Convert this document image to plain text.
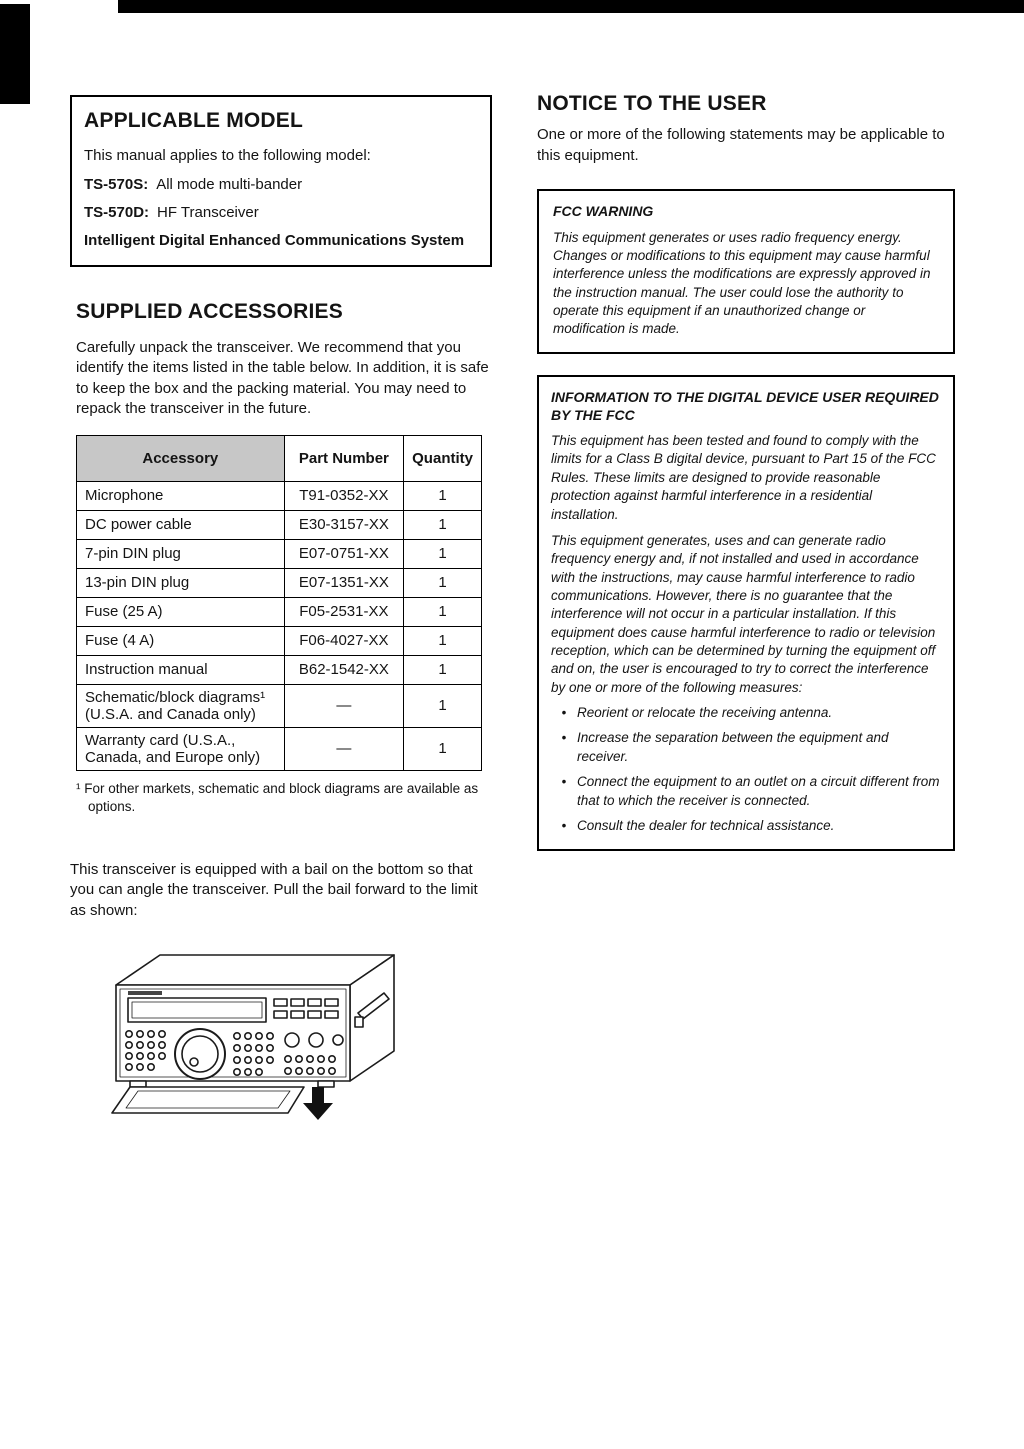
APPLICABLE MODEL
This manual applies to the following model:
TS-570S: All mode multi-bander
TS-570D: HF Transceiver
Intelligent Digital Enhanced Communications System
SUPPLIED ACCESSORIES
Carefully unpack the transceiver. We recommend that you identify the items listed in the table below. In addition, it is safe to keep the box and the packing material. You may need to repack the transceiver in the future.
Accessory	Part Number	Quantity
Microphone	T91-0352-XX	1
DC power cable	E30-3157-XX	1
7-pin DIN plug	E07-0751-XX	1
13-pin DIN plug	E07-1351-XX	1
Fuse (25 A)	F05-2531-XX	1
Fuse (4 A)	F06-4027-XX	1
Instruction manual	B62-1542-XX	1
Schematic/block diagrams¹ (U.S.A. and Canada only)	—	1
Warranty card (U.S.A., Canada, and Europe only)	—	1
¹ For other markets, schematic and block diagrams are available as options.
This transceiver is equipped with a bail on the bottom so that you can angle the transceiver. Pull the bail forward to the limit as shown:
NOTICE TO THE USER
One or more of the following statements may be applicable to this equipment.
FCC WARNING
This equipment generates or uses radio frequency energy. Changes or modifications to this equipment may cause harmful interference unless the modifications are expressly approved in the instruction manual. The user could lose the authority to operate this equipment if an unauthorized change or modification is made.
INFORMATION TO THE DIGITAL DEVICE USER REQUIRED BY THE FCC
This equipment has been tested and found to comply with the limits for a Class B digital device, pursuant to Part 15 of the FCC Rules. These limits are designed to provide reasonable protection against harmful interference in a residential installation.
This equipment generates, uses and can generate radio frequency energy and, if not installed and used in accordance with the instructions, may cause harmful interference to radio communications. However, there is no guarantee that the interference will not occur in a particular installation. If this equipment does cause harmful interference to radio or television reception, which can be determined by turning the equipment off and on, the user is encouraged to try to correct the interference by one or more of the following measures:
• Reorient or relocate the receiving antenna.
• Increase the separation between the equipment and receiver.
• Connect the equipment to an outlet on a circuit different from that to which the receiver is connected.
• Consult the dealer for technical assistance.
